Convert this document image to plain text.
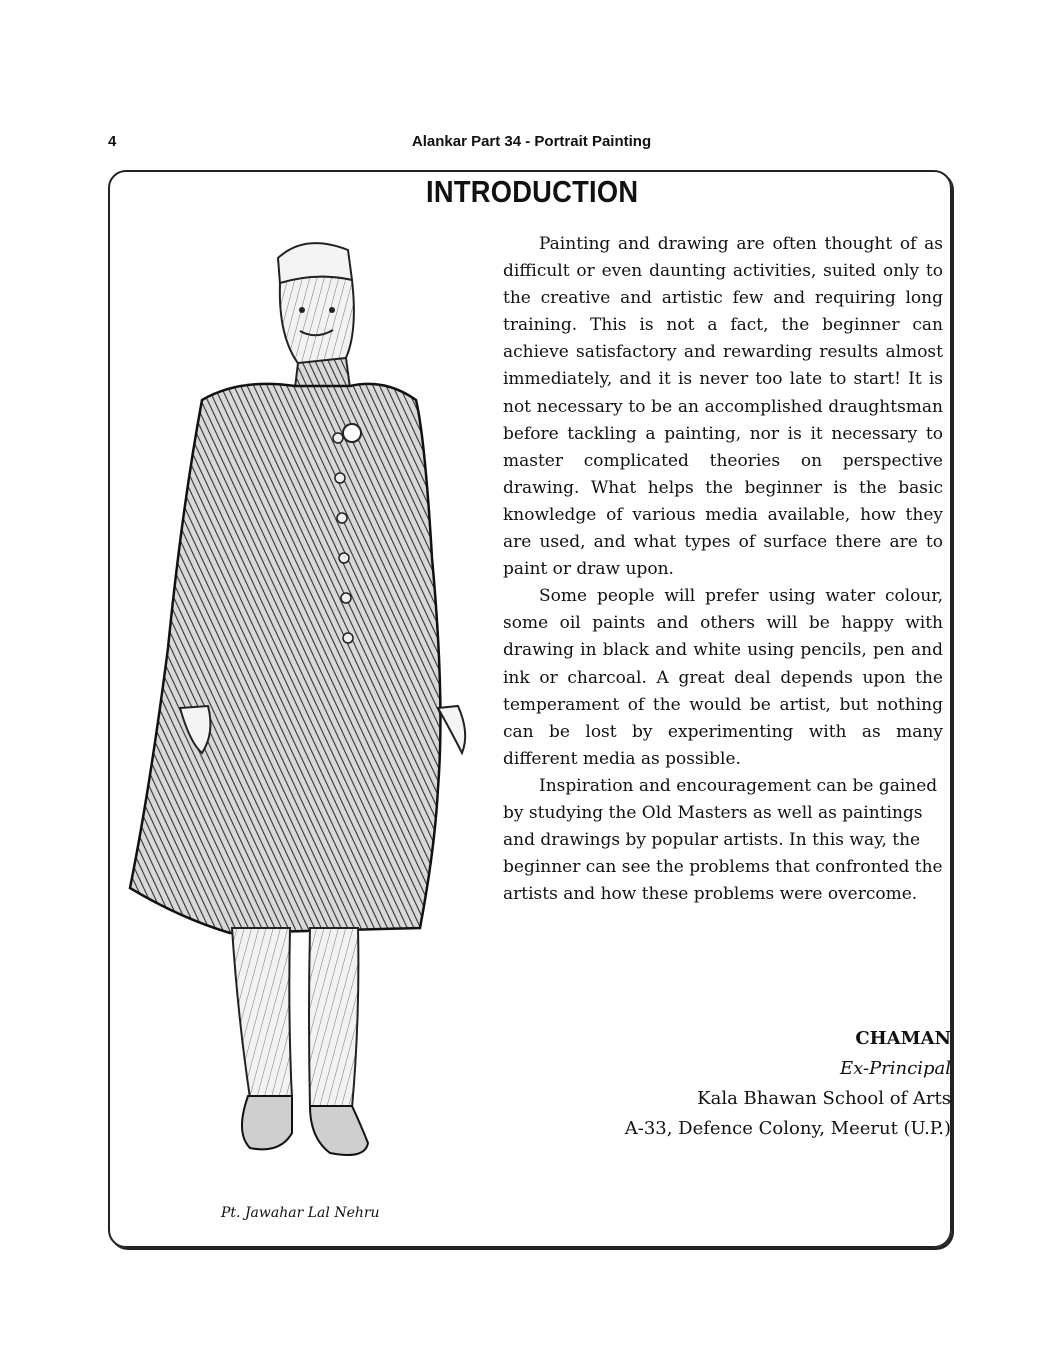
4	Alankar Part 34 - Portrait Painting
INTRODUCTION

Painting and drawing are often thought of as difficult or even daunting activities, suited only to the creative and artistic few and requiring long training. This is not a fact, the beginner can achieve satisfactory and rewarding results almost immediately, and it is never too late to start! It is not necessary to be an accomplished draughtsman before tackling a painting, nor is it necessary to master complicated theories on perspective drawing. What helps the beginner is the basic knowledge of various media available, how they are used, and what types of surface there are to paint or draw upon.

Some people will prefer using water colour, some oil paints and others will be happy with drawing in black and white using pencils, pen and ink or charcoal. A great deal depends upon the temperament of the would be artist, but nothing can be lost by experimenting with as many different media as possible.

Inspiration and encouragement can be gained by studying the Old Masters as well as paintings and drawings by popular artists. In this way, the beginner can see the problems that confronted the artists and how these problems were overcome.

CHAMAN
Ex-Principal
Kala Bhawan School of Arts
A-33, Defence Colony, Meerut (U.P.)
Pt. Jawahar Lal Nehru
